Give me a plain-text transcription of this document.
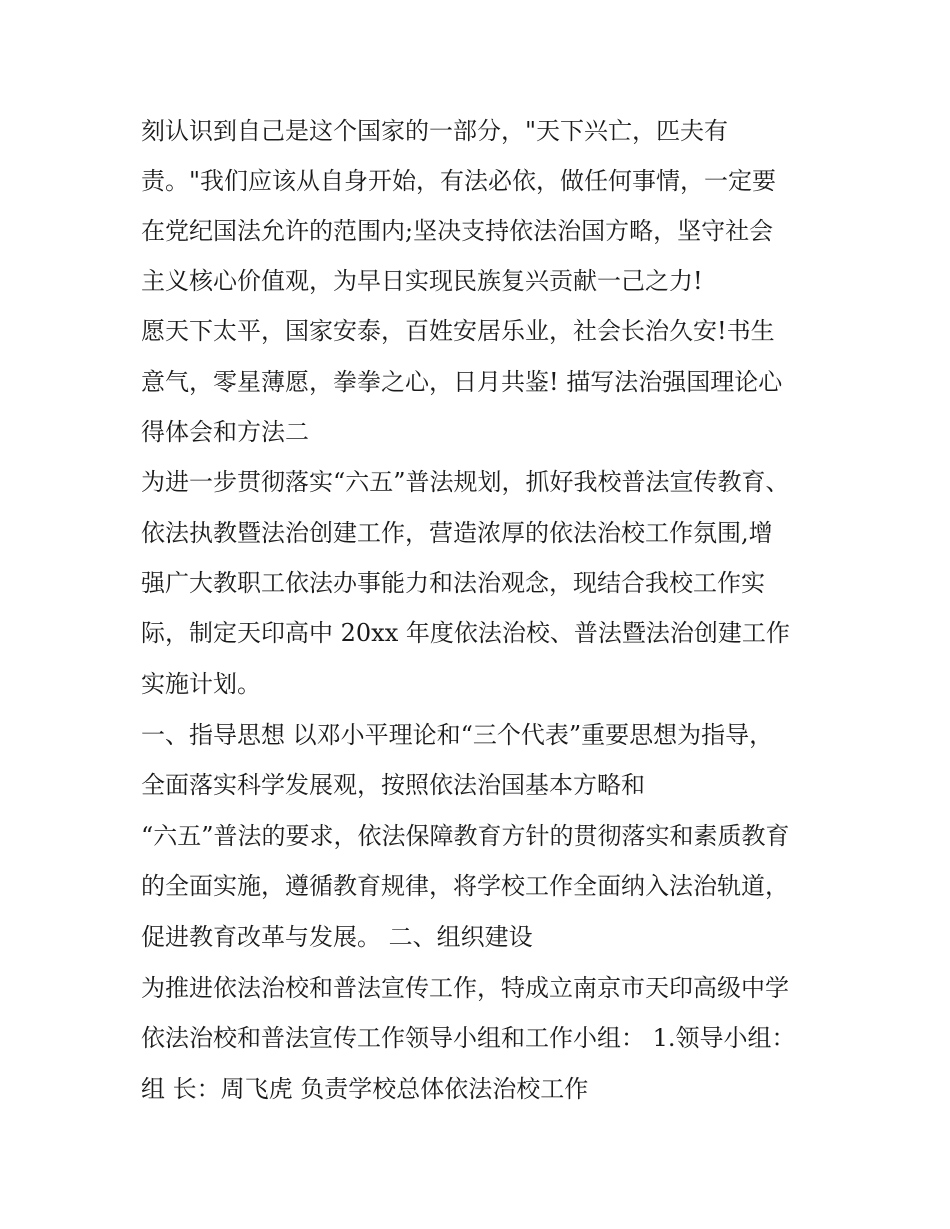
刻认识到自己是这个国家的一部分，"天下兴亡，匹夫有
责。"我们应该从自身开始，有法必依，做任何事情，一定要
在党纪国法允许的范围内;坚决支持依法治国方略，坚守社会
主义核心价值观，为早日实现民族复兴贡献一己之力!
愿天下太平，国家安泰，百姓安居乐业，社会长治久安!书生
意气，零星薄愿，拳拳之心，日月共鉴! 描写法治强国理论心
得体会和方法二
为进一步贯彻落实“六五”普法规划，抓好我校普法宣传教育、
依法执教暨法治创建工作，营造浓厚的依法治校工作氛围,增
强广大教职工依法办事能力和法治观念，现结合我校工作实
际，制定天印高中 20xx 年度依法治校、普法暨法治创建工作
实施计划。
一、指导思想 以邓小平理论和“三个代表”重要思想为指导，
全面落实科学发展观，按照依法治国基本方略和
“六五”普法的要求，依法保障教育方针的贯彻落实和素质教育
的全面实施，遵循教育规律，将学校工作全面纳入法治轨道，
促进教育改革与发展。 二、组织建设
为推进依法治校和普法宣传工作，特成立南京市天印高级中学
依法治校和普法宣传工作领导小组和工作小组： 1.领导小组：
组 长：周飞虎 负责学校总体依法治校工作
